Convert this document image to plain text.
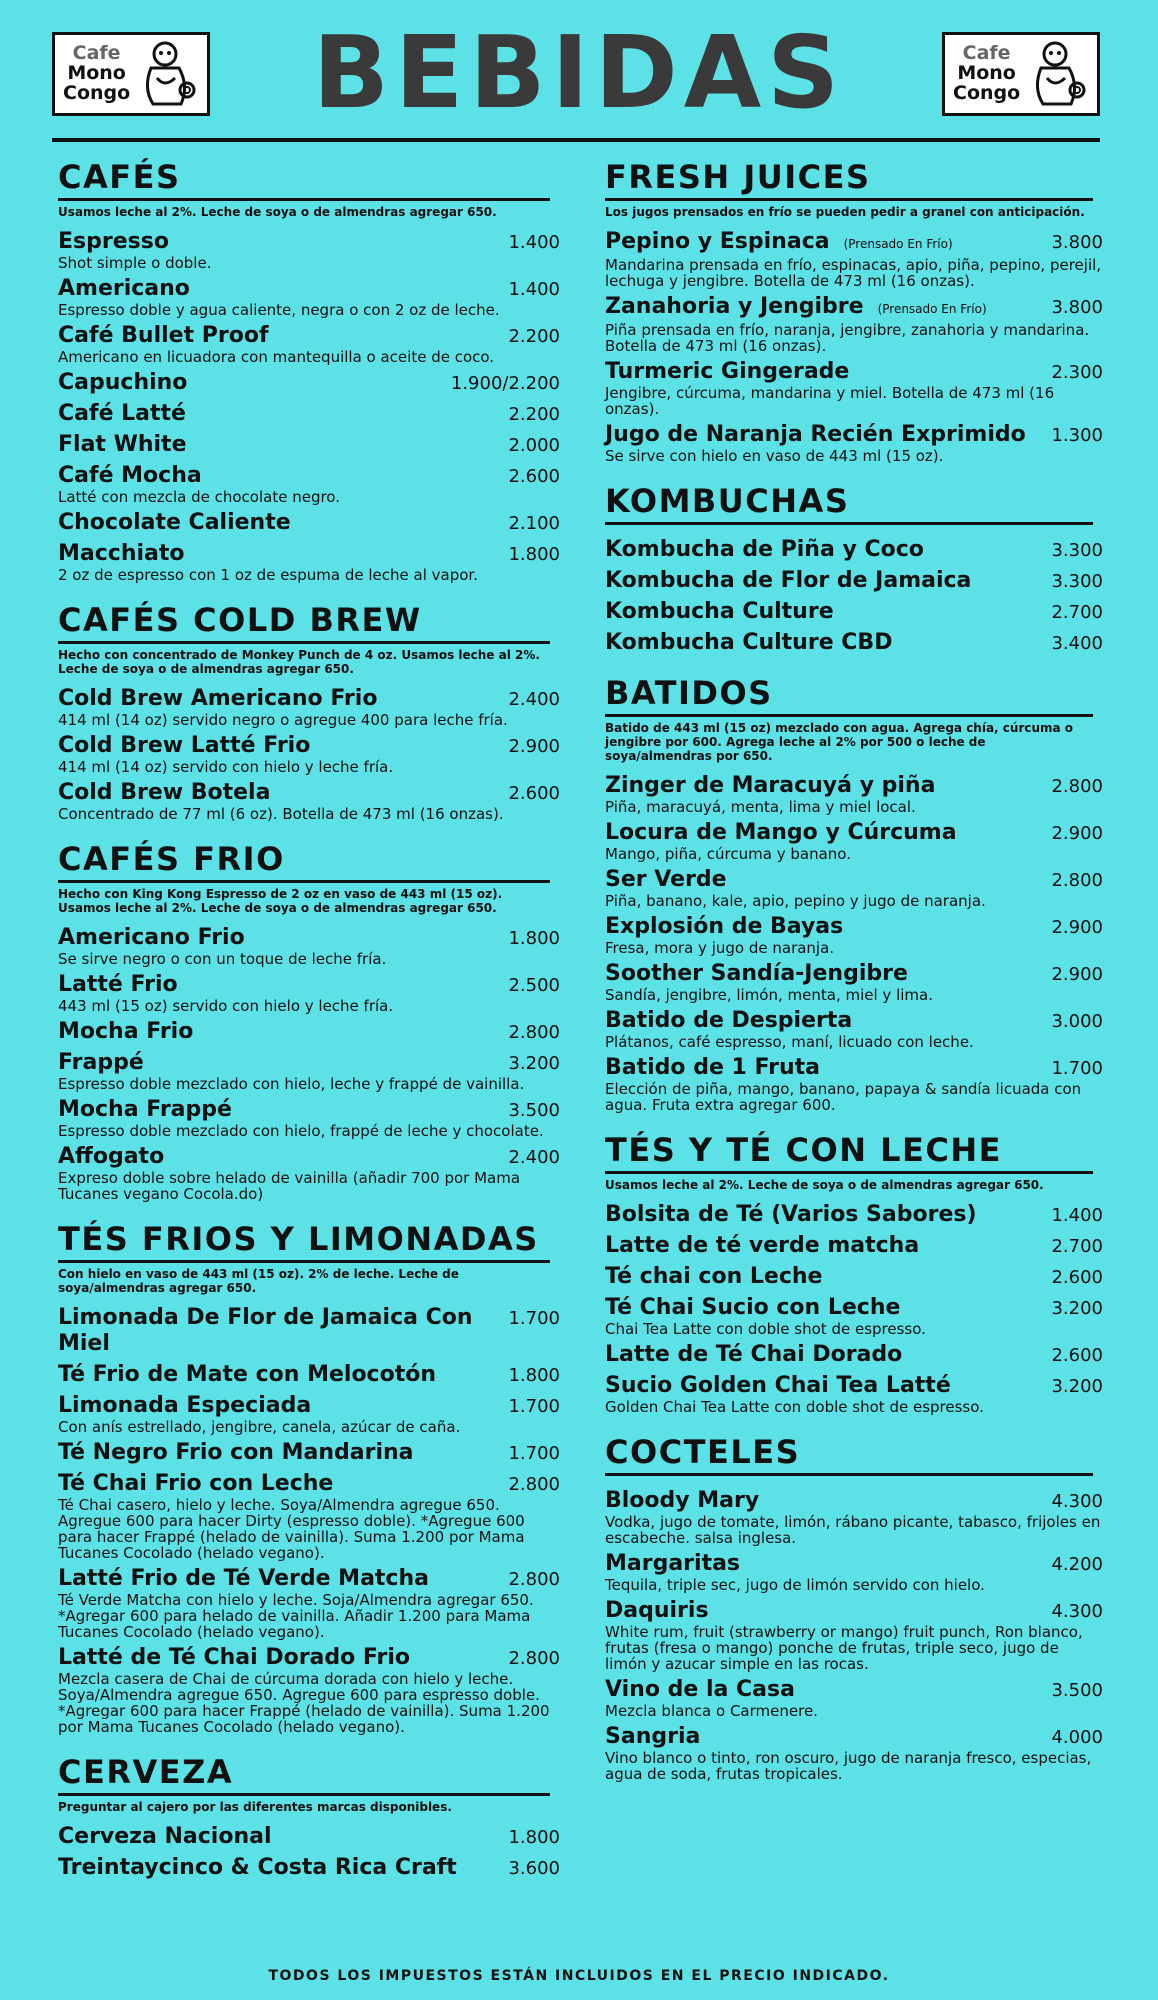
Cafe
Mono
Congo	BEBIDAS	Cafe
Mono
Congo
CAFÉS
Usamos leche al 2%. Leche de soya o de almendras agregar 650.
Espresso	1.400
Shot simple o doble.
Americano	1.400
Espresso doble y agua caliente, negra o con 2 oz de leche.
Café Bullet Proof	2.200
Americano en licuadora con mantequilla o aceite de coco.
Capuchino	1.900/2.200
Café Latté	2.200
Flat White	2.000
Café Mocha	2.600
Latté con mezcla de chocolate negro.
Chocolate Caliente	2.100
Macchiato	1.800
2 oz de espresso con 1 oz de espuma de leche al vapor.
CAFÉS COLD BREW
Hecho con concentrado de Monkey Punch de 4 oz. Usamos leche al 2%. Leche de soya o de almendras agregar 650.
Cold Brew Americano Frio	2.400
414 ml (14 oz) servido negro o agregue 400 para leche fría.
Cold Brew Latté Frio	2.900
414 ml (14 oz) servido con hielo y leche fría.
Cold Brew Botela	2.600
Concentrado de 77 ml (6 oz). Botella de 473 ml (16 onzas).
CAFÉS FRIO
Hecho con King Kong Espresso de 2 oz en vaso de 443 ml (15 oz). Usamos leche al 2%. Leche de soya o de almendras agregar 650.
Americano Frio	1.800
Se sirve negro o con un toque de leche fría.
Latté Frio	2.500
443 ml (15 oz) servido con hielo y leche fría.
Mocha Frio	2.800
Frappé	3.200
Espresso doble mezclado con hielo, leche y frappé de vainilla.
Mocha Frappé	3.500
Espresso doble mezclado con hielo, frappé de leche y chocolate.
Affogato	2.400
Expreso doble sobre helado de vainilla (añadir 700 por Mama Tucanes vegano Cocola.do)
TÉS FRIOS Y LIMONADAS
Con hielo en vaso de 443 ml (15 oz). 2% de leche. Leche de soya/almendras agregar 650.
Limonada De Flor de Jamaica Con Miel
1.700
Té Frio de Mate con Melocotón	1.800
Limonada Especiada	1.700
Con anís estrellado, jengibre, canela, azúcar de caña.
Té Negro Frio con Mandarina	1.700
Té Chai Frio con Leche	2.800
Té Chai casero, hielo y leche. Soya/Almendra agregue 650. Agregue 600 para hacer Dirty (espresso doble). *Agregue 600 para hacer Frappé (helado de vainilla). Suma 1.200 por Mama Tucanes Cocolado (helado vegano).
Latté Frio de Té Verde Matcha	2.800
Té Verde Matcha con hielo y leche. Soja/Almendra agregar 650. *Agregar 600 para helado de vainilla. Añadir 1.200 para Mama Tucanes Cocolado (helado vegano).
Latté de Té Chai Dorado Frio	2.800
Mezcla casera de Chai de cúrcuma dorada con hielo y leche. Soya/Almendra agregue 650. Agregue 600 para espresso doble. *Agregar 600 para hacer Frappé (helado de vainilla). Suma 1.200 por Mama Tucanes Cocolado (helado vegano).
CERVEZA
Preguntar al cajero por las diferentes marcas disponibles.
Cerveza Nacional	1.800
Treintaycinco & Costa Rica Craft	3.600
FRESH JUICES
Los jugos prensados en frío se pueden pedir a granel con anticipación.
Pepino y Espinaca (Prensado En Frío)	3.800
Mandarina prensada en frío, espinacas, apio, piña, pepino, perejil, lechuga y jengibre. Botella de 473 ml (16 onzas).
Zanahoria y Jengibre (Prensado En Frío)	3.800
Piña prensada en frío, naranja, jengibre, zanahoria y mandarina. Botella de 473 ml (16 onzas).
Turmeric Gingerade	2.300
Jengibre, cúrcuma, mandarina y miel. Botella de 473 ml (16 onzas).
Jugo de Naranja Recién Exprimido 1.300
Se sirve con hielo en vaso de 443 ml (15 oz).
KOMBUCHAS
Kombucha de Piña y Coco	3.300
Kombucha de Flor de Jamaica	3.300
Kombucha Culture	2.700
Kombucha Culture CBD	3.400
BATIDOS
Batido de 443 ml (15 oz) mezclado con agua. Agrega chía, cúrcuma o jengibre por 600. Agrega leche al 2% por 500 o leche de soya/almendras por 650.
Zinger de Maracuyá y piña	2.800
Piña, maracuyá, menta, lima y miel local.
Locura de Mango y Cúrcuma	2.900
Mango, piña, cúrcuma y banano.
Ser Verde	2.800
Piña, banano, kale, apio, pepino y jugo de naranja.
Explosión de Bayas	2.900
Fresa, mora y jugo de naranja.
Soother Sandía-Jengibre	2.900
Sandía, jengibre, limón, menta, miel y lima.
Batido de Despierta	3.000
Plátanos, café espresso, maní, licuado con leche.
Batido de 1 Fruta	1.700
Elección de piña, mango, banano, papaya & sandía licuada con agua. Fruta extra agregar 600.
TÉS Y TÉ CON LECHE
Usamos leche al 2%. Leche de soya o de almendras agregar 650.
Bolsita de Té (Varios Sabores)	1.400
Latte de té verde matcha	2.700
Té chai con Leche	2.600
Té Chai Sucio con Leche	3.200
Chai Tea Latte con doble shot de espresso.
Latte de Té Chai Dorado	2.600
Sucio Golden Chai Tea Latté	3.200
Golden Chai Tea Latte con doble shot de espresso.
COCTELES
Bloody Mary	4.300
Vodka, jugo de tomate, limón, rábano picante, tabasco, frijoles en escabeche. salsa inglesa.
Margaritas	4.200
Tequila, triple sec, jugo de limón servido con hielo.
Daquiris	4.300
White rum, fruit (strawberry or mango) fruit punch, Ron blanco, frutas (fresa o mango) ponche de frutas, triple seco, jugo de limón y azucar simple en las rocas.
Vino de la Casa	3.500
Mezcla blanca o Carmenere.
Sangria	4.000
Vino blanco o tinto, ron oscuro, jugo de naranja fresco, especias, agua de soda, frutas tropicales.
TODOS LOS IMPUESTOS ESTÁN INCLUIDOS EN EL PRECIO INDICADO.
